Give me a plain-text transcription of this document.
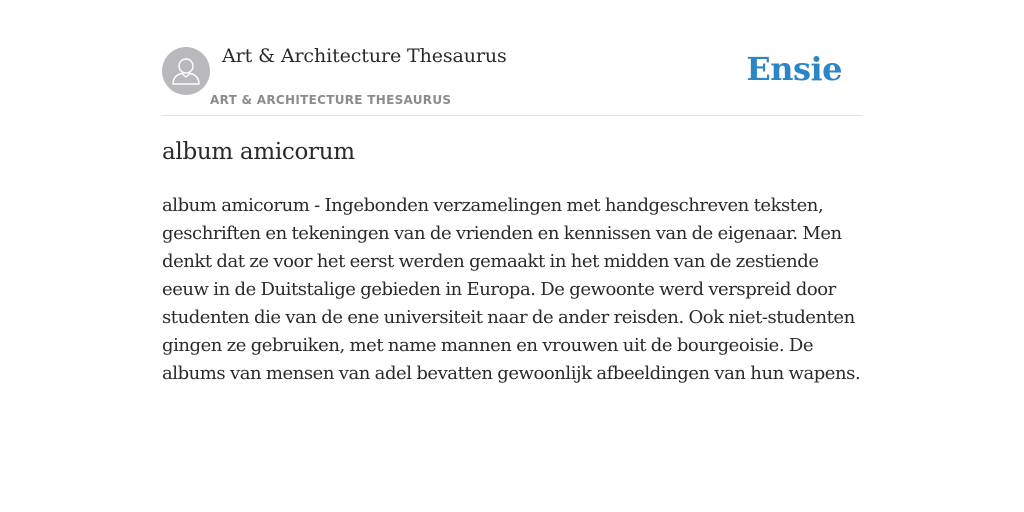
Art & Architecture Thesaurus
ART & ARCHITECTURE THESAURUS
Ensie
album amicorum

album amicorum - Ingebonden verzamelingen met handgeschreven teksten, geschriften en tekeningen van de vrienden en kennissen van de eigenaar. Men denkt dat ze voor het eerst werden gemaakt in het midden van de zestiende eeuw in de Duitstalige gebieden in Europa. De gewoonte werd verspreid door studenten die van de ene universiteit naar de ander reisden. Ook niet-studenten gingen ze gebruiken, met name mannen en vrouwen uit de bourgeoisie. De albums van mensen van adel bevatten gewoonlijk afbeeldingen van hun wapens.
